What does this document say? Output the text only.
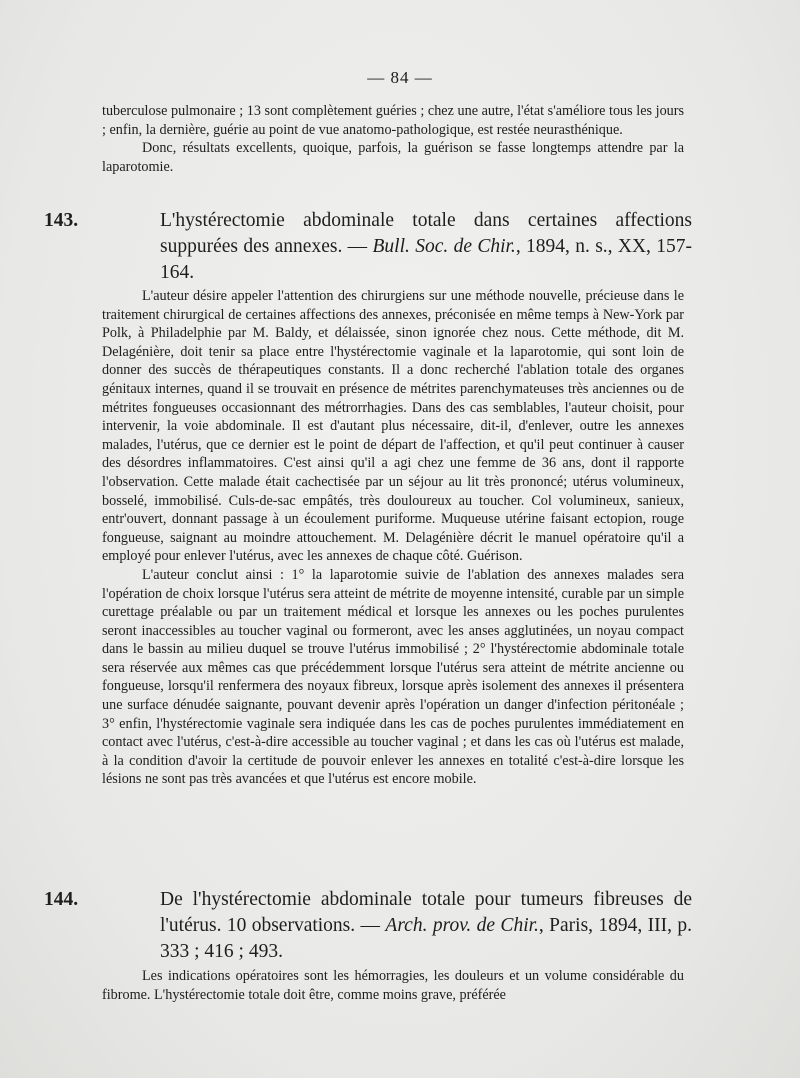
— 84 —

tuberculose pulmonaire ; 13 sont complètement guéries ; chez une autre, l'état s'améliore tous les jours ; enfin, la dernière, guérie au point de vue anatomo-pathologique, est restée neurasthénique.

Donc, résultats excellents, quoique, parfois, la guérison se fasse longtemps attendre par la laparotomie.

143.	L'hystérectomie abdominale totale dans certaines affections suppurées des annexes. — Bull. Soc. de Chir., 1894, n. s., XX, 157-164.

L'auteur désire appeler l'attention des chirurgiens sur une méthode nouvelle, précieuse dans le traitement chirurgical de certaines affections des annexes, préconisée en même temps à New-York par Polk, à Philadelphie par M. Baldy, et délaissée, sinon ignorée chez nous. Cette méthode, dit M. Delagénière, doit tenir sa place entre l'hystérectomie vaginale et la laparotomie, qui sont loin de donner des succès de thérapeutiques constants. Il a donc recherché l'ablation totale des organes génitaux internes, quand il se trouvait en présence de métrites parenchymateuses très anciennes ou de métrites fongueuses occasionnant des métrorrhagies. Dans des cas semblables, l'auteur choisit, pour intervenir, la voie abdominale. Il est d'autant plus nécessaire, dit-il, d'enlever, outre les annexes malades, l'utérus, que ce dernier est le point de départ de l'affection, et qu'il peut continuer à causer des désordres inflammatoires. C'est ainsi qu'il a agi chez une femme de 36 ans, dont il rapporte l'observation. Cette malade était cachectisée par un séjour au lit très prononcé; utérus volumineux, bosselé, immobilisé. Culs-de-sac empâtés, très douloureux au toucher. Col volumineux, sanieux, entr'ouvert, donnant passage à un écoulement puriforme. Muqueuse utérine faisant ectopion, rouge fongueuse, saignant au moindre attouchement. M. Delagénière décrit le manuel opératoire qu'il a employé pour enlever l'utérus, avec les annexes de chaque côté. Guérison.

L'auteur conclut ainsi : 1° la laparotomie suivie de l'ablation des annexes malades sera l'opération de choix lorsque l'utérus sera atteint de métrite de moyenne intensité, curable par un simple curettage préalable ou par un traitement médical et lorsque les annexes ou les poches purulentes seront inaccessibles au toucher vaginal ou formeront, avec les anses agglutinées, un noyau compact dans le bassin au milieu duquel se trouve l'utérus immobilisé ; 2° l'hystérectomie abdominale totale sera réservée aux mêmes cas que précédemment lorsque l'utérus sera atteint de métrite ancienne ou fongueuse, lorsqu'il renfermera des noyaux fibreux, lorsque après isolement des annexes il présentera une surface dénudée saignante, pouvant devenir après l'opération un danger d'infection péritonéale ; 3° enfin, l'hystérectomie vaginale sera indiquée dans les cas de poches purulentes immédiatement en contact avec l'utérus, c'est-à-dire accessible au toucher vaginal ; et dans les cas où l'utérus est malade, à la condition d'avoir la certitude de pouvoir enlever les annexes en totalité c'est-à-dire lorsque les lésions ne sont pas très avancées et que l'utérus est encore mobile.

144.	De l'hystérectomie abdominale totale pour tumeurs fibreuses de l'utérus. 10 observations. — Arch. prov. de Chir., Paris, 1894, III, p. 333 ; 416 ; 493.

Les indications opératoires sont les hémorragies, les douleurs et un volume considérable du fibrome. L'hystérectomie totale doit être, comme moins grave, préférée
